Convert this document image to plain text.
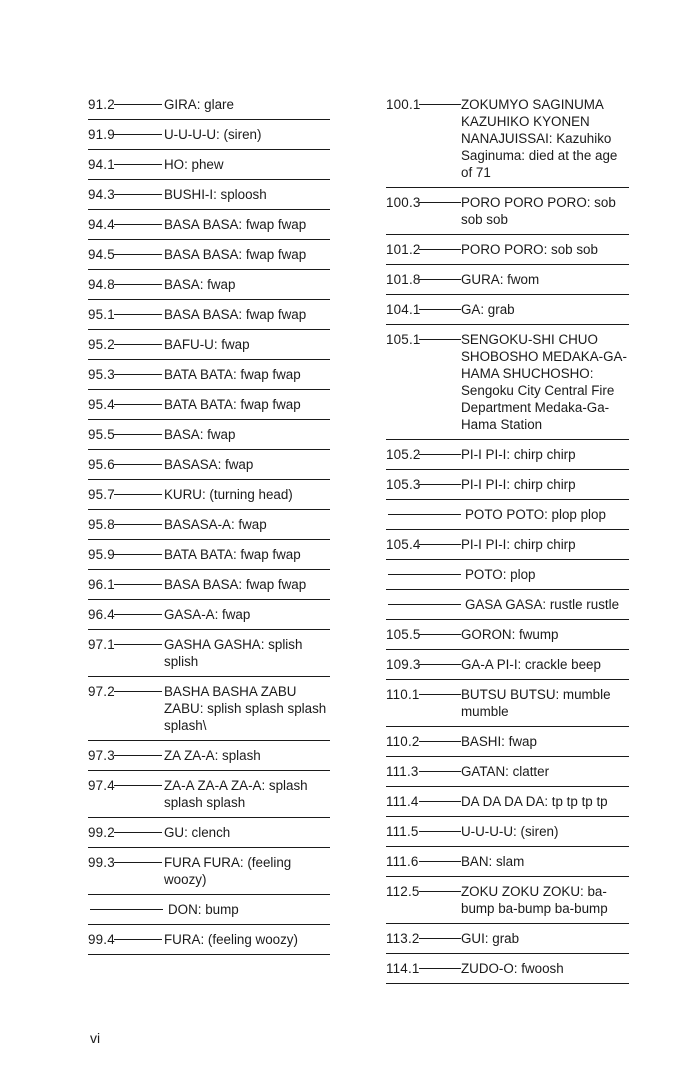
91.2	GIRA: glare
91.9	U-U-U-U: (siren)
94.1	HO: phew
94.3	BUSHI-I: sploosh
94.4	BASA BASA: fwap fwap
94.5	BASA BASA: fwap fwap
94.8	BASA: fwap
95.1	BASA BASA: fwap fwap
95.2	BAFU-U: fwap
95.3	BATA BATA: fwap fwap
95.4	BATA BATA: fwap fwap
95.5	BASA: fwap
95.6	BASASA: fwap
95.7	KURU: (turning head)
95.8	BASASA-A: fwap
95.9	BATA BATA: fwap fwap
96.1	BASA BASA: fwap fwap
96.4	GASA-A: fwap
97.1	GASHA GASHA: splish splish
97.2	BASHA BASHA ZABU ZABU: splish splash splash splash\
97.3	ZA ZA-A: splash
97.4	ZA-A ZA-A ZA-A: splash splash splash
99.2	GU: clench
99.3	FURA FURA: (feeling woozy)
DON: bump
99.4	FURA: (feeling woozy)
100.1	ZOKUMYO SAGINUMA KAZUHIKO KYONEN NANAJUISSAI: Kazuhiko Saginuma: died at the age of 71
100.3	PORO PORO PORO: sob sob sob
101.2	PORO PORO: sob sob
101.8	GURA: fwom
104.1	GA: grab
105.1	SENGOKU-SHI CHUO SHOBOSHO MEDAKA-GA-HAMA SHUCHOSHO: Sengoku City Central Fire Department Medaka-Ga-Hama Station
105.2	PI-I PI-I: chirp chirp
105.3	PI-I PI-I: chirp chirp
POTO POTO: plop plop
105.4	PI-I PI-I: chirp chirp
POTO: plop
GASA GASA: rustle rustle
105.5	GORON: fwump
109.3	GA-A PI-I: crackle beep
110.1	BUTSU BUTSU: mumble mumble
110.2	BASHI: fwap
111.3	GATAN: clatter
111.4	DA DA DA DA: tp tp tp tp
111.5	U-U-U-U: (siren)
111.6	BAN: slam
112.5	ZOKU ZOKU ZOKU: ba-bump ba-bump ba-bump
113.2	GUI: grab
114.1	ZUDO-O: fwoosh
vi
